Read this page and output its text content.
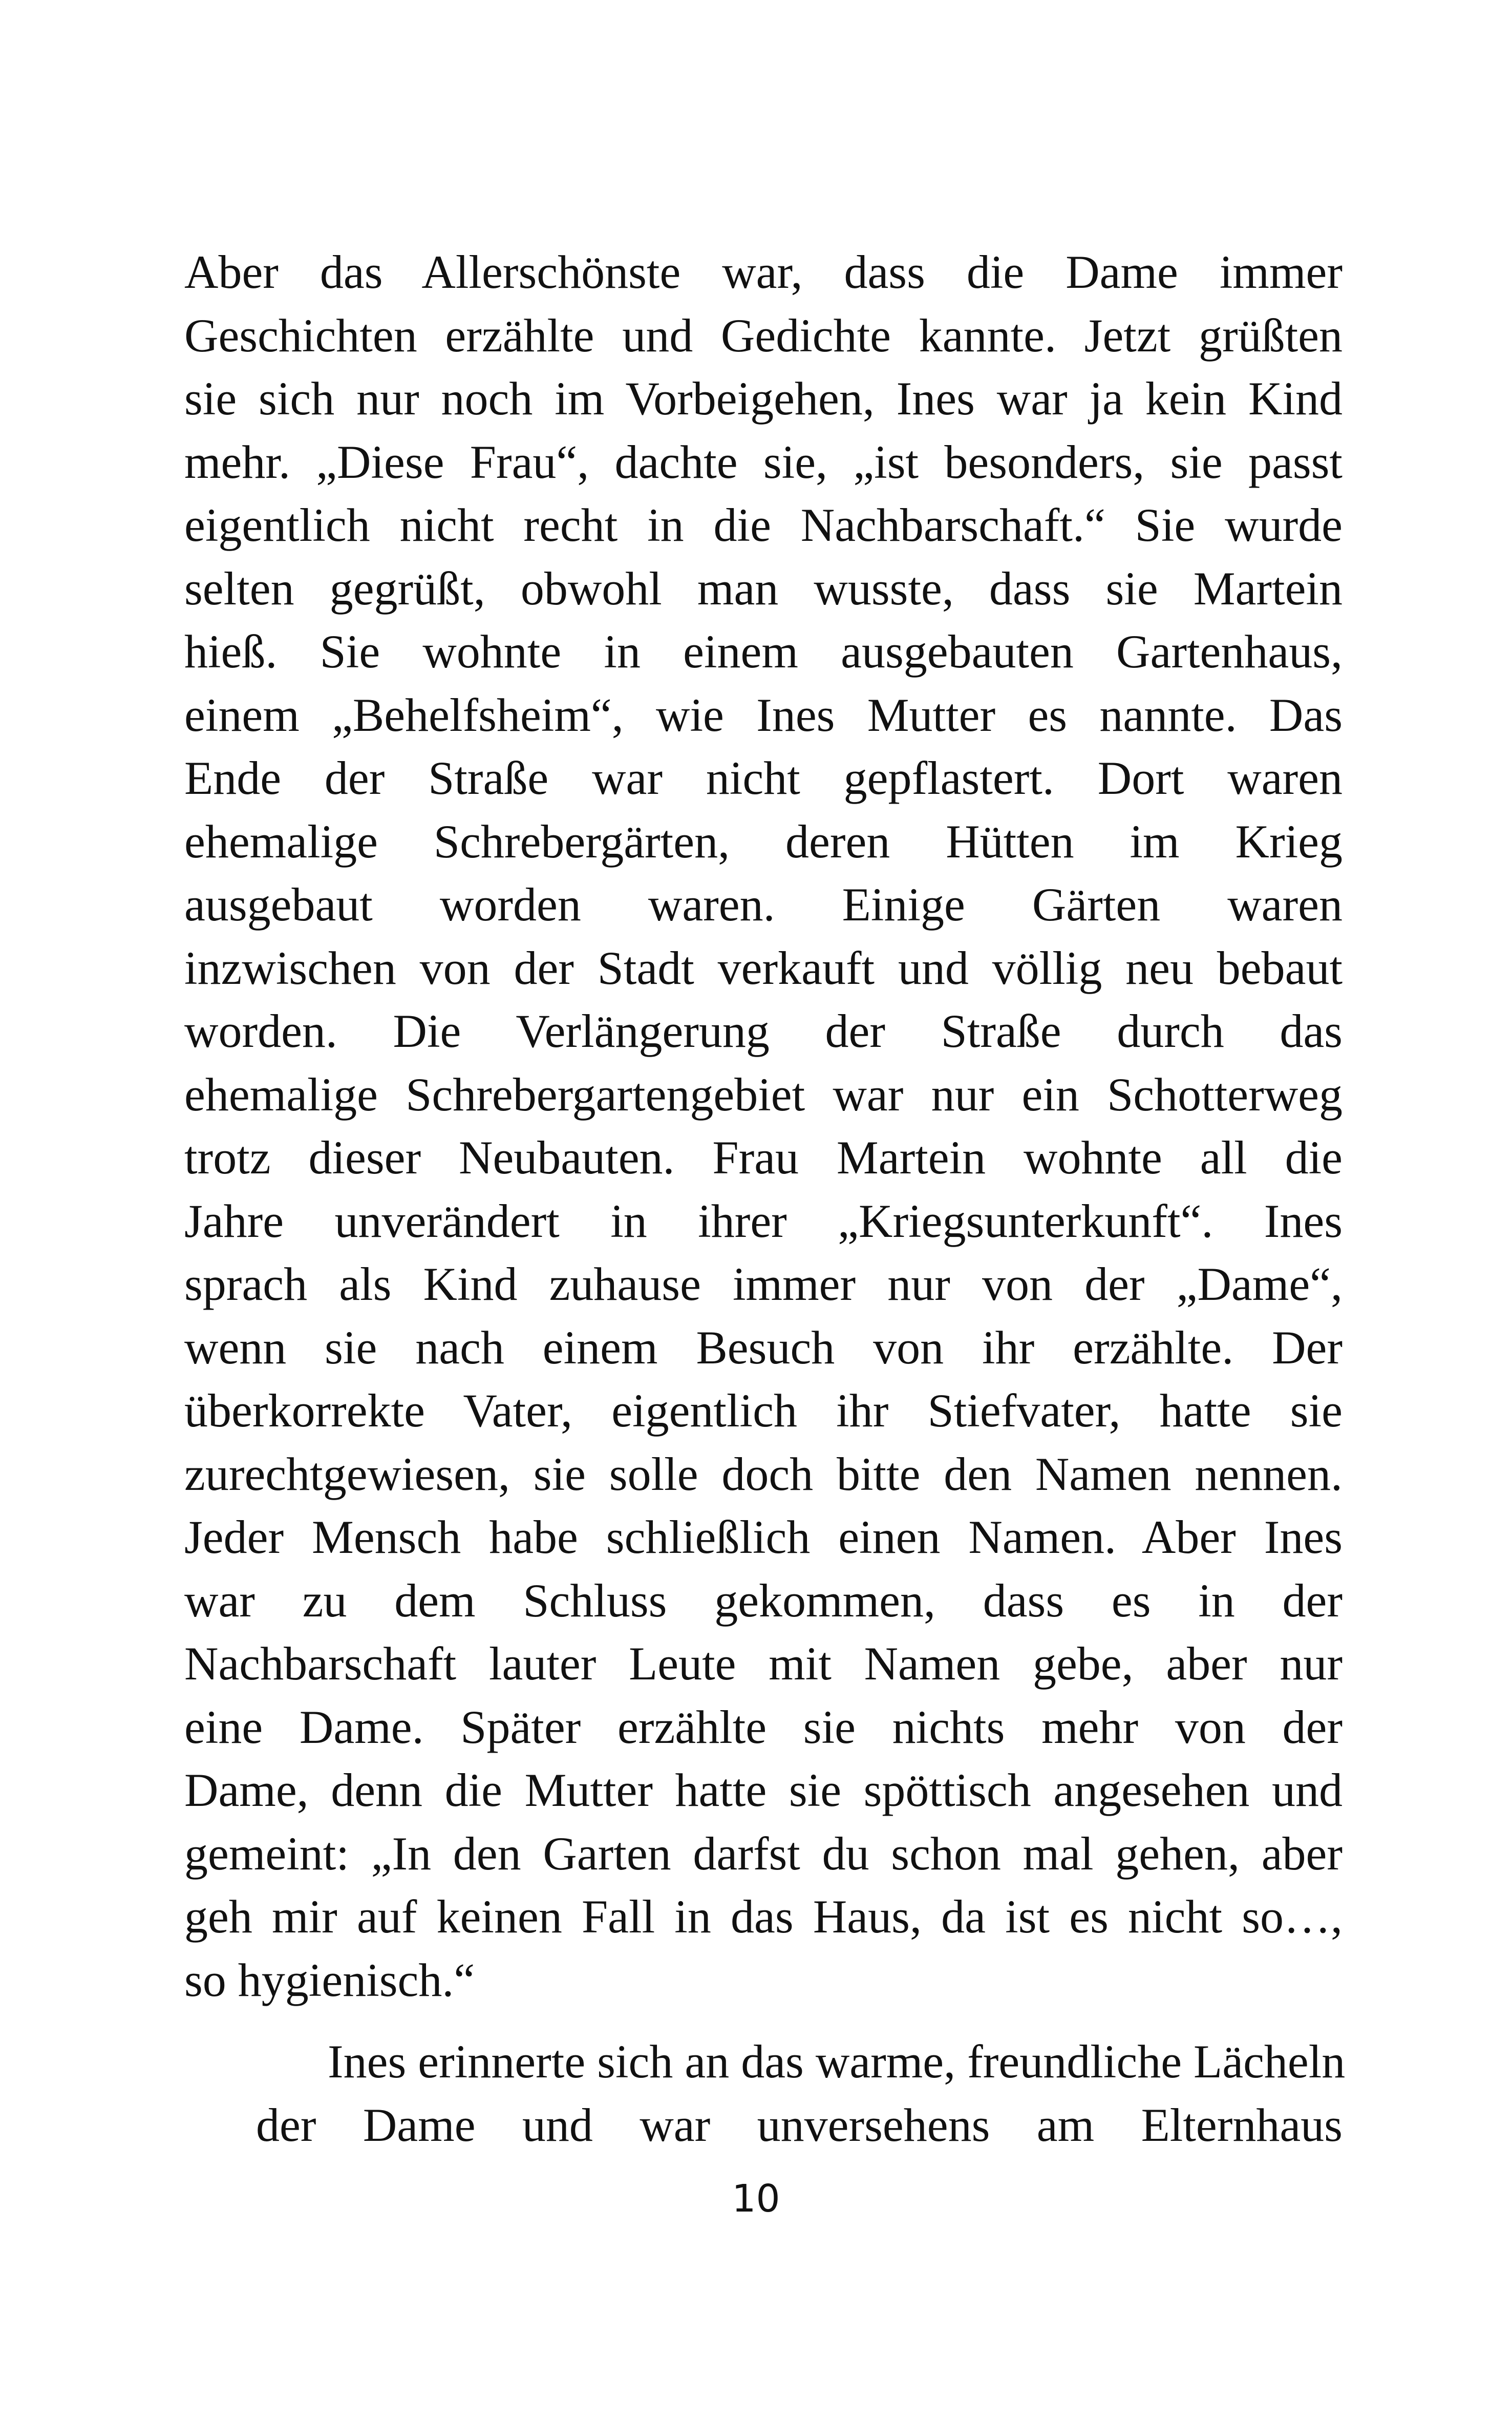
Aber das Allerschönste war, dass die Dame immer
Geschichten erzählte und Gedichte kannte. Jetzt grüßten
sie sich nur noch im Vorbeigehen, Ines war ja kein Kind
mehr. „Diese Frau“, dachte sie, „ist besonders, sie passt
eigentlich nicht recht in die Nachbarschaft.“ Sie wurde
selten gegrüßt, obwohl man wusste, dass sie Martein
hieß. Sie wohnte in einem ausgebauten Gartenhaus,
einem „Behelfsheim“, wie Ines Mutter es nannte. Das
Ende der Straße war nicht gepflastert. Dort waren
ehemalige Schrebergärten, deren Hütten im Krieg
ausgebaut worden waren. Einige Gärten waren
inzwischen von der Stadt verkauft und völlig neu bebaut
worden. Die Verlängerung der Straße durch das
ehemalige Schrebergartengebiet war nur ein Schotterweg
trotz dieser Neubauten. Frau Martein wohnte all die
Jahre unverändert in ihrer „Kriegsunterkunft“. Ines
sprach als Kind zuhause immer nur von der „Dame“,
wenn sie nach einem Besuch von ihr erzählte. Der
überkorrekte Vater, eigentlich ihr Stiefvater, hatte sie
zurechtgewiesen, sie solle doch bitte den Namen nennen.
Jeder Mensch habe schließlich einen Namen. Aber Ines
war zu dem Schluss gekommen, dass es in der
Nachbarschaft lauter Leute mit Namen gebe, aber nur
eine Dame. Später erzählte sie nichts mehr von der
Dame, denn die Mutter hatte sie spöttisch angesehen und
gemeint: „In den Garten darfst du schon mal gehen, aber
geh mir auf keinen Fall in das Haus, da ist es nicht so…,
so hygienisch.“
Ines erinnerte sich an das warme, freundliche Lächeln
der Dame und war unversehens am Elternhaus
10
